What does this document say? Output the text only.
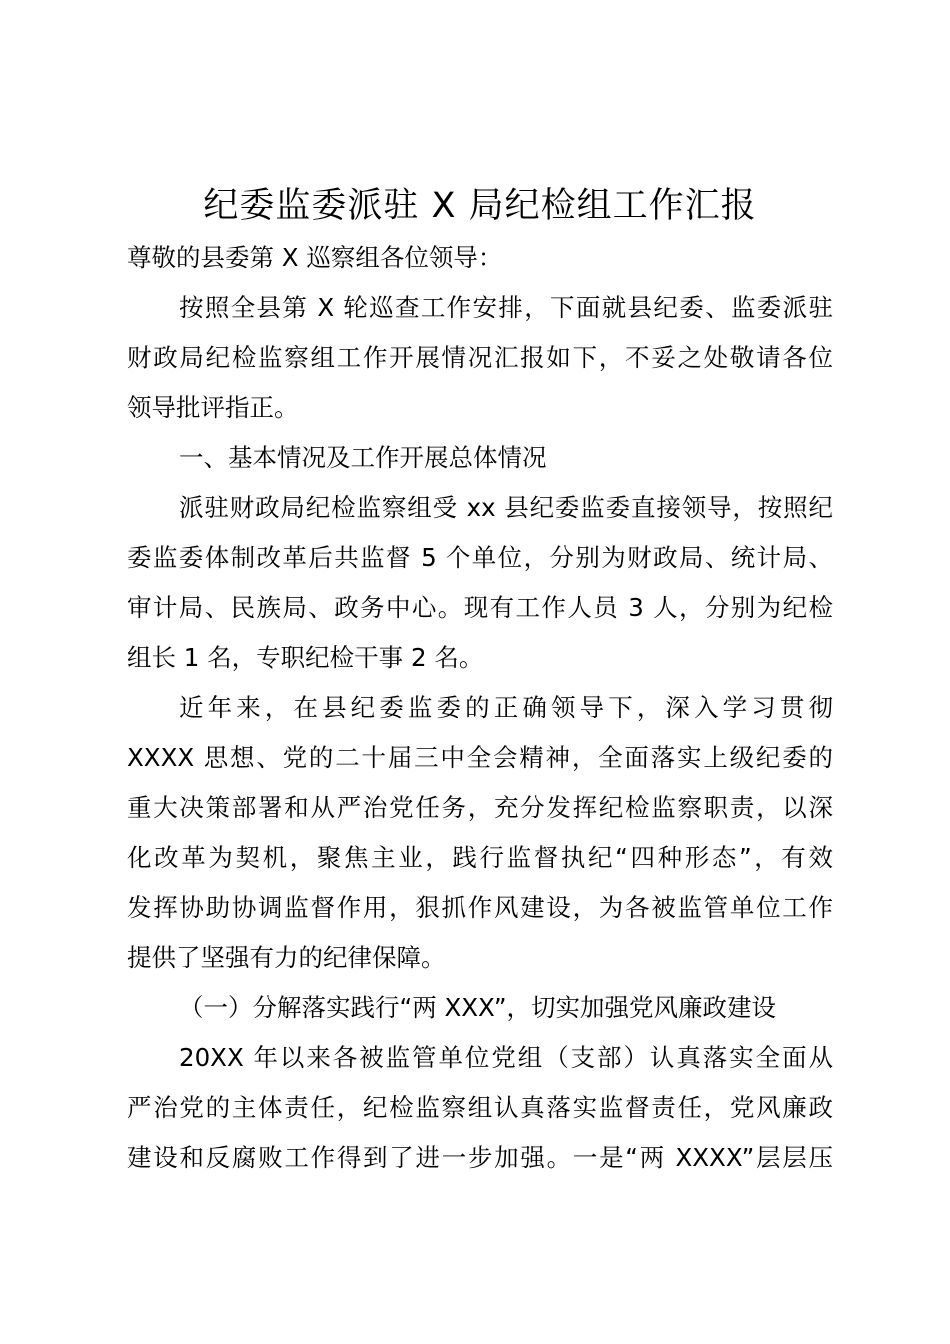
纪委监委派驻 X 局纪检组工作汇报

尊敬的县委第 X 巡察组各位领导：

按照全县第 X 轮巡查工作安排，下面就县纪委、监委派驻
财政局纪检监察组工作开展情况汇报如下，不妥之处敬请各位
领导批评指正。

一、基本情况及工作开展总体情况

派驻财政局纪检监察组受 xx 县纪委监委直接领导，按照纪
委监委体制改革后共监督 5 个单位，分别为财政局、统计局、
审计局、民族局、政务中心。现有工作人员 3 人，分别为纪检
组长 1 名，专职纪检干事 2 名。

近年来，在县纪委监委的正确领导下，深入学习贯彻
XXXX 思想、党的二十届三中全会精神，全面落实上级纪委的
重大决策部署和从严治党任务，充分发挥纪检监察职责，以深
化改革为契机，聚焦主业，践行监督执纪“四种形态”，有效
发挥协助协调监督作用，狠抓作风建设，为各被监管单位工作
提供了坚强有力的纪律保障。

（一）分解落实践行“两 XXX”，切实加强党风廉政建设

20XX 年以来各被监管单位党组（支部）认真落实全面从
严治党的主体责任，纪检监察组认真落实监督责任，党风廉政
建设和反腐败工作得到了进一步加强。一是“两 XXXX”层层压
